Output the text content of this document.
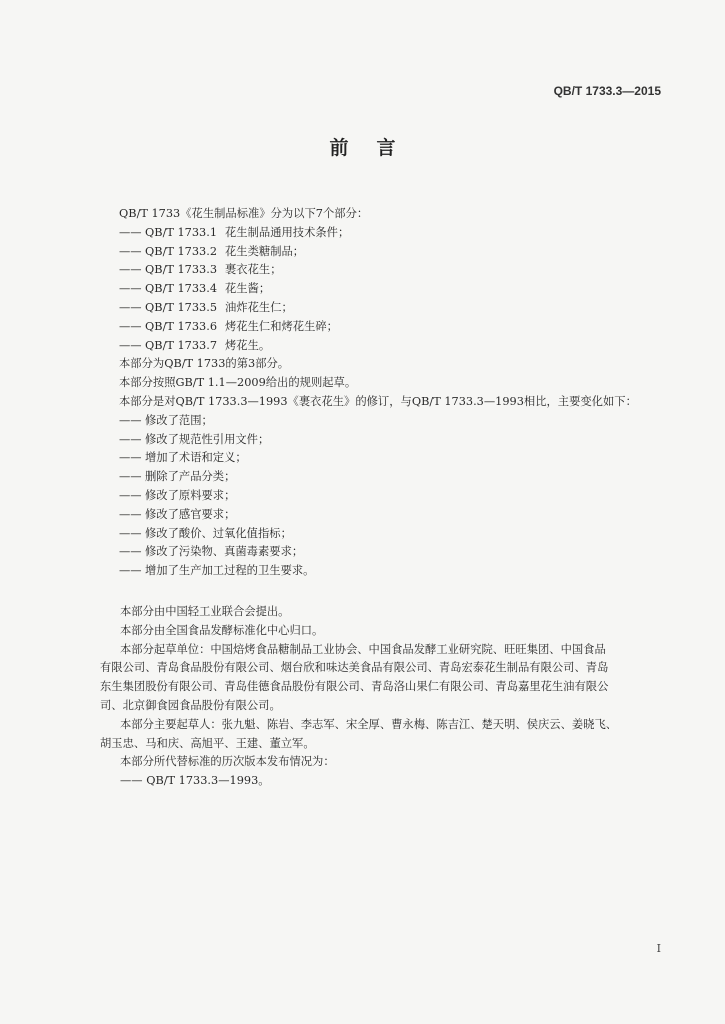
QB/T 1733.3—2015
前言
QB/T 1733《花生制品标准》分为以下7个部分：
—— QB/T 1733.1 花生制品通用技术条件；
—— QB/T 1733.2 花生类糖制品；
—— QB/T 1733.3 裹衣花生；
—— QB/T 1733.4 花生酱；
—— QB/T 1733.5 油炸花生仁；
—— QB/T 1733.6 烤花生仁和烤花生碎；
—— QB/T 1733.7 烤花生。
本部分为QB/T 1733的第3部分。
本部分按照GB/T 1.1—2009给出的规则起草。
本部分是对QB/T 1733.3—1993《裹衣花生》的修订，与QB/T 1733.3—1993相比，主要变化如下：
—— 修改了范围；
—— 修改了规范性引用文件；
—— 增加了术语和定义；
—— 删除了产品分类；
—— 修改了原料要求；
—— 修改了感官要求；
—— 修改了酸价、过氧化值指标；
—— 修改了污染物、真菌毒素要求；
—— 增加了生产加工过程的卫生要求。
本部分由中国轻工业联合会提出。
本部分由全国食品发酵标准化中心归口。
本部分起草单位：中国焙烤食品糖制品工业协会、中国食品发酵工业研究院、旺旺集团、中国食品
有限公司、青岛食品股份有限公司、烟台欣和味达美食品有限公司、青岛宏泰花生制品有限公司、青岛
东生集团股份有限公司、青岛佳德食品股份有限公司、青岛洛山果仁有限公司、青岛嘉里花生油有限公
司、北京御食园食品股份有限公司。
本部分主要起草人：张九魁、陈岩、李志军、宋全厚、曹永梅、陈吉江、楚天明、侯庆云、姜晓飞、
胡玉忠、马和庆、高旭平、王建、董立军。
本部分所代替标准的历次版本发布情况为：
—— QB/T 1733.3—1993。
I
